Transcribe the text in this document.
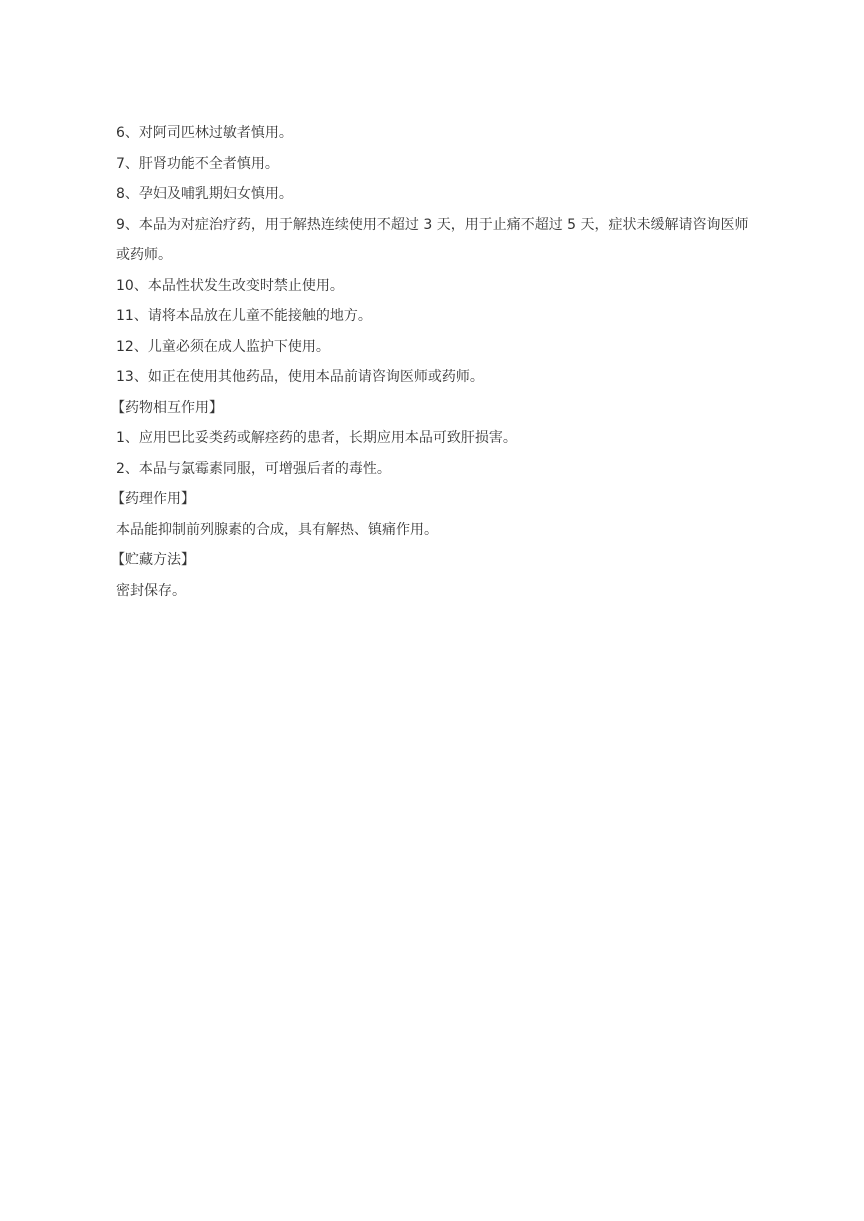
6、对阿司匹林过敏者慎用。
7、肝肾功能不全者慎用。
8、孕妇及哺乳期妇女慎用。
9、本品为对症治疗药，用于解热连续使用不超过 3 天，用于止痛不超过 5 天，症状未缓解请咨询医师
或药师。
10、本品性状发生改变时禁止使用。
11、请将本品放在儿童不能接触的地方。
12、儿童必须在成人监护下使用。
13、如正在使用其他药品，使用本品前请咨询医师或药师。
【药物相互作用】
1、应用巴比妥类药或解痉药的患者，长期应用本品可致肝损害。
2、本品与氯霉素同服，可增强后者的毒性。
【药理作用】
本品能抑制前列腺素的合成，具有解热、镇痛作用。
【贮藏方法】
密封保存。
